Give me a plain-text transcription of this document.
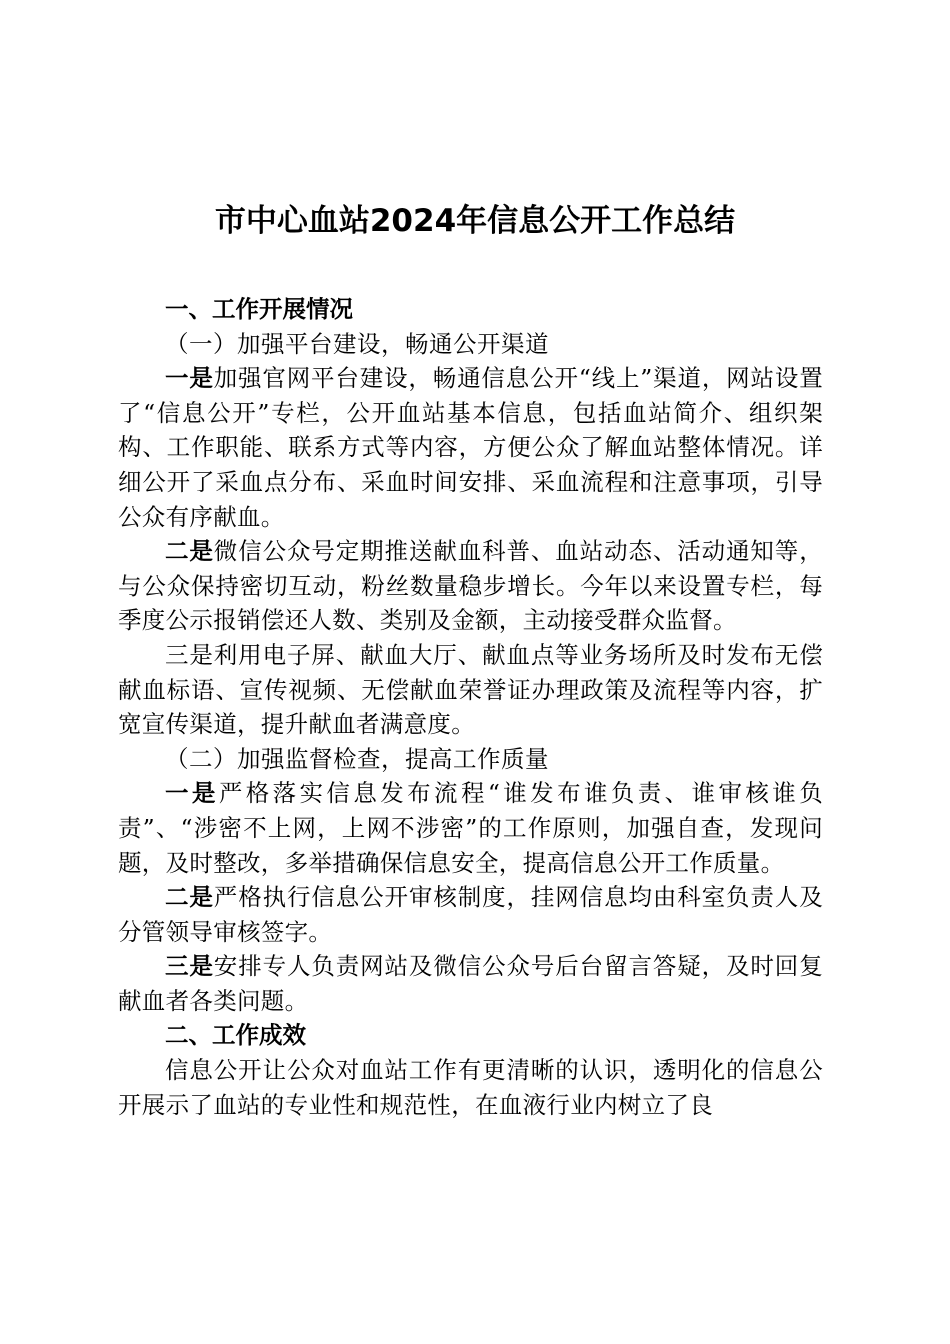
市中心血站2024年信息公开工作总结

一、工作开展情况

（一）加强平台建设，畅通公开渠道

一是加强官网平台建设，畅通信息公开“线上”渠道，网站设置了“信息公开”专栏，公开血站基本信息，包括血站简介、组织架构、工作职能、联系方式等内容，方便公众了解血站整体情况。详细公开了采血点分布、采血时间安排、采血流程和注意事项，引导公众有序献血。

二是微信公众号定期推送献血科普、血站动态、活动通知等，与公众保持密切互动，粉丝数量稳步增长。今年以来设置专栏，每季度公示报销偿还人数、类别及金额，主动接受群众监督。

三是利用电子屏、献血大厅、献血点等业务场所及时发布无偿献血标语、宣传视频、无偿献血荣誉证办理政策及流程等内容，扩宽宣传渠道，提升献血者满意度。

（二）加强监督检查，提高工作质量

一是严格落实信息发布流程“谁发布谁负责、谁审核谁负责”、“涉密不上网，上网不涉密”的工作原则，加强自查，发现问题，及时整改，多举措确保信息安全，提高信息公开工作质量。

二是严格执行信息公开审核制度，挂网信息均由科室负责人及分管领导审核签字。

三是安排专人负责网站及微信公众号后台留言答疑，及时回复献血者各类问题。

二、工作成效

信息公开让公众对血站工作有更清晰的认识，透明化的信息公开展示了血站的专业性和规范性，在血液行业内树立了良
